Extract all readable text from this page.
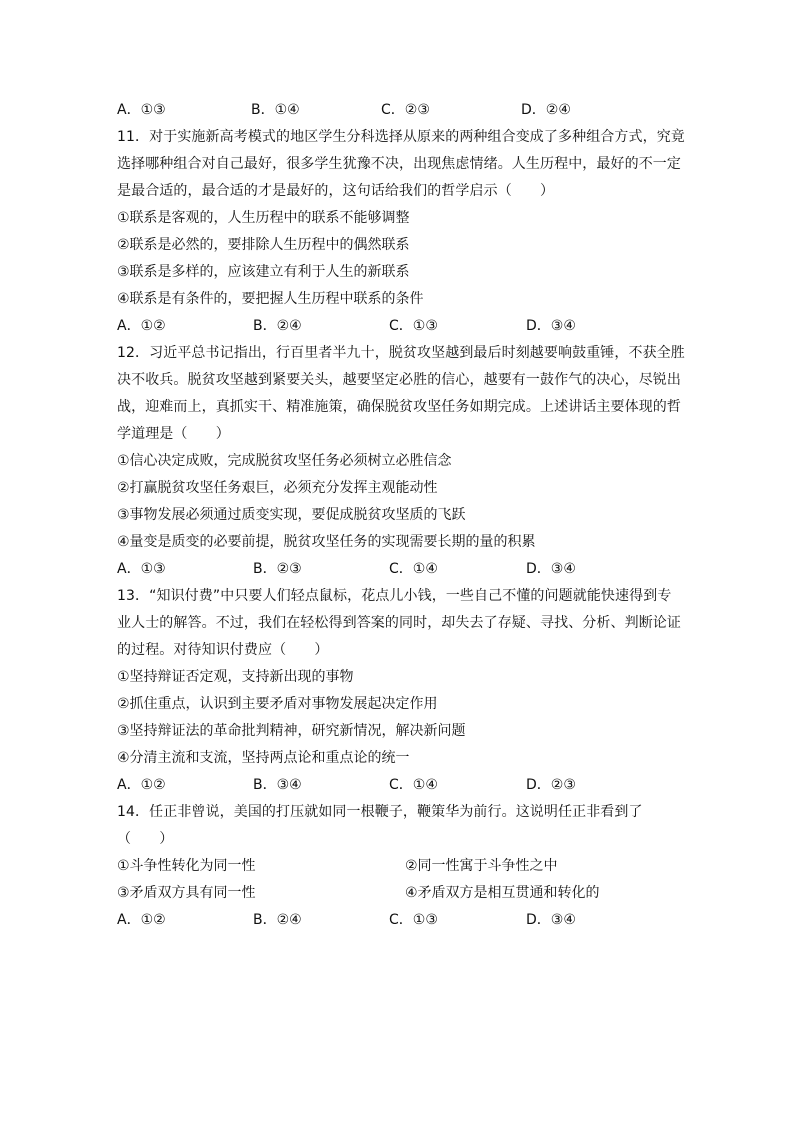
A．①③	B．①④	C．②③	D．②④
11．对于实施新高考模式的地区学生分科选择从原来的两种组合变成了多种组合方式，究竟
选择哪种组合对自己最好，很多学生犹豫不决，出现焦虑情绪。人生历程中，最好的不一定
是最合适的，最合适的才是最好的，这句话给我们的哲学启示（　　）
①联系是客观的，人生历程中的联系不能够调整
②联系是必然的，要排除人生历程中的偶然联系
③联系是多样的，应该建立有利于人生的新联系
④联系是有条件的，要把握人生历程中联系的条件
A．①②	B．②④	C．①③	D．③④
12．习近平总书记指出，行百里者半九十，脱贫攻坚越到最后时刻越要响鼓重锤，不获全胜
决不收兵。脱贫攻坚越到紧要关头，越要坚定必胜的信心，越要有一鼓作气的决心，尽锐出
战，迎难而上，真抓实干、精准施策，确保脱贫攻坚任务如期完成。上述讲话主要体现的哲
学道理是（　　）
①信心决定成败，完成脱贫攻坚任务必须树立必胜信念
②打赢脱贫攻坚任务艰巨，必须充分发挥主观能动性
③事物发展必须通过质变实现，要促成脱贫攻坚质的飞跃
④量变是质变的必要前提，脱贫攻坚任务的实现需要长期的量的积累
A．①③	B．②③	C．①④	D．③④
13．“知识付费”中只要人们轻点鼠标，花点儿小钱，一些自己不懂的问题就能快速得到专
业人士的解答。不过，我们在轻松得到答案的同时，却失去了存疑、寻找、分析、判断论证
的过程。对待知识付费应（　　）
①坚持辩证否定观，支持新出现的事物
②抓住重点，认识到主要矛盾对事物发展起决定作用
③坚持辩证法的革命批判精神，研究新情况，解决新问题
④分清主流和支流，坚持两点论和重点论的统一
A．①②	B．③④	C．①④	D．②③
14．任正非曾说，美国的打压就如同一根鞭子，鞭策华为前行。这说明任正非看到了
（　　）
①斗争性转化为同一性	②同一性寓于斗争性之中
③矛盾双方具有同一性	④矛盾双方是相互贯通和转化的
A．①②	B．②④	C．①③	D．③④
